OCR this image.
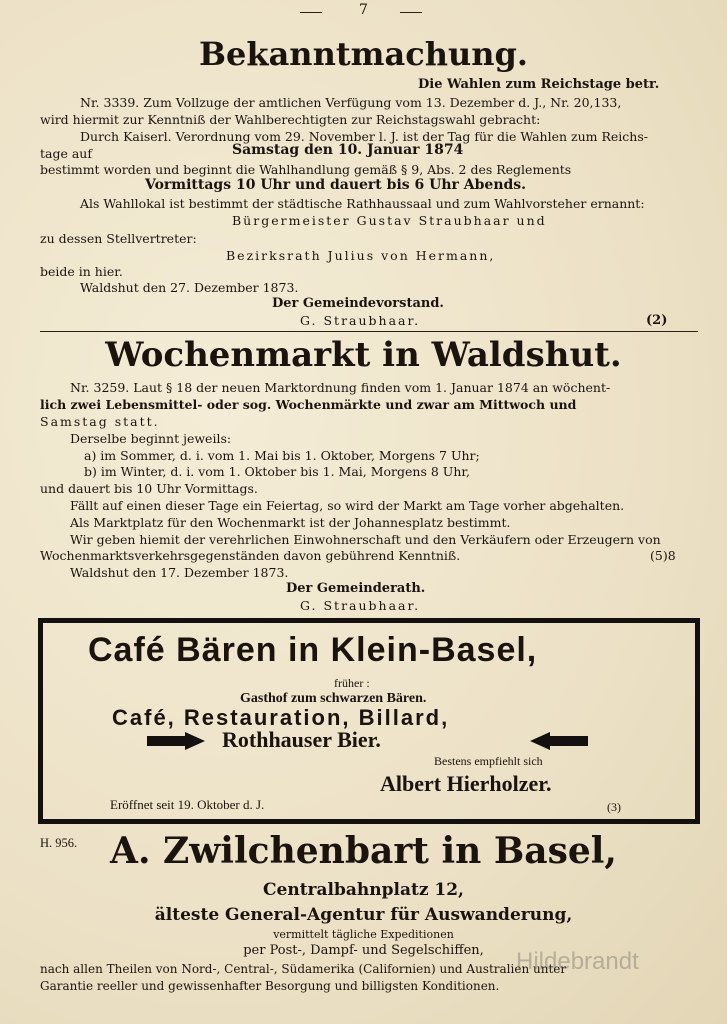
7
Bekanntmachung.
Die Wahlen zum Reichstage betr.
Nr. 3339. Zum Vollzuge der amtlichen Verfügung vom 13. Dezember d. J., Nr. 20,133,
wird hiermit zur Kenntniß der Wahlberechtigten zur Reichstagswahl gebracht:
Durch Kaiserl. Verordnung vom 29. November l. J. ist der Tag für die Wahlen zum Reichs-
tage auf	Samstag den 10. Januar 1874
bestimmt worden und beginnt die Wahlhandlung gemäß § 9, Abs. 2 des Reglements
Vormittags 10 Uhr und dauert bis 6 Uhr Abends.
Als Wahllokal ist bestimmt der städtische Rathhaussaal und zum Wahlvorsteher ernannt:
Bürgermeister Gustav Straubhaar und
zu dessen Stellvertreter:
Bezirksrath Julius von Hermann,
beide in hier.
Waldshut den 27. Dezember 1873.
Der Gemeindevorstand.
G. Straubhaar.	(2)
Wochenmarkt in Waldshut.
Nr. 3259. Laut § 18 der neuen Marktordnung finden vom 1. Januar 1874 an wöchent-
lich zwei Lebensmittel- oder sog. Wochenmärkte und zwar am Mittwoch und
Samstag statt.
Derselbe beginnt jeweils:
a) im Sommer, d. i. vom 1. Mai bis 1. Oktober, Morgens 7 Uhr;
b) im Winter, d. i. vom 1. Oktober bis 1. Mai, Morgens 8 Uhr,
und dauert bis 10 Uhr Vormittags.
Fällt auf einen dieser Tage ein Feiertag, so wird der Markt am Tage vorher abgehalten.
Als Marktplatz für den Wochenmarkt ist der Johannesplatz bestimmt.
Wir geben hiemit der verehrlichen Einwohnerschaft und den Verkäufern oder Erzeugern von
Wochenmarktsverkehrsgegenständen davon gebührend Kenntniß.	(5)8
Waldshut den 17. Dezember 1873.
Der Gemeinderath.
G. Straubhaar.
Café Bären in Klein-Basel,
früher :
Gasthof zum schwarzen Bären.
Café, Restauration, Billard,
Rothhauser Bier.
Bestens empfiehlt sich
Albert Hierholzer.
Eröffnet seit 19. Oktober d. J.	(3)
H. 956. A. Zwilchenbart in Basel,
Centralbahnplatz 12,
älteste General-Agentur für Auswanderung,
vermittelt tägliche Expeditionen
per Post-, Dampf- und Segelschiffen,
nach allen Theilen von Nord-, Central-, Südamerika (Californien) und Australien unter
Garantie reeller und gewissenhafter Besorgung und billigsten Konditionen.
Hildebrandt
